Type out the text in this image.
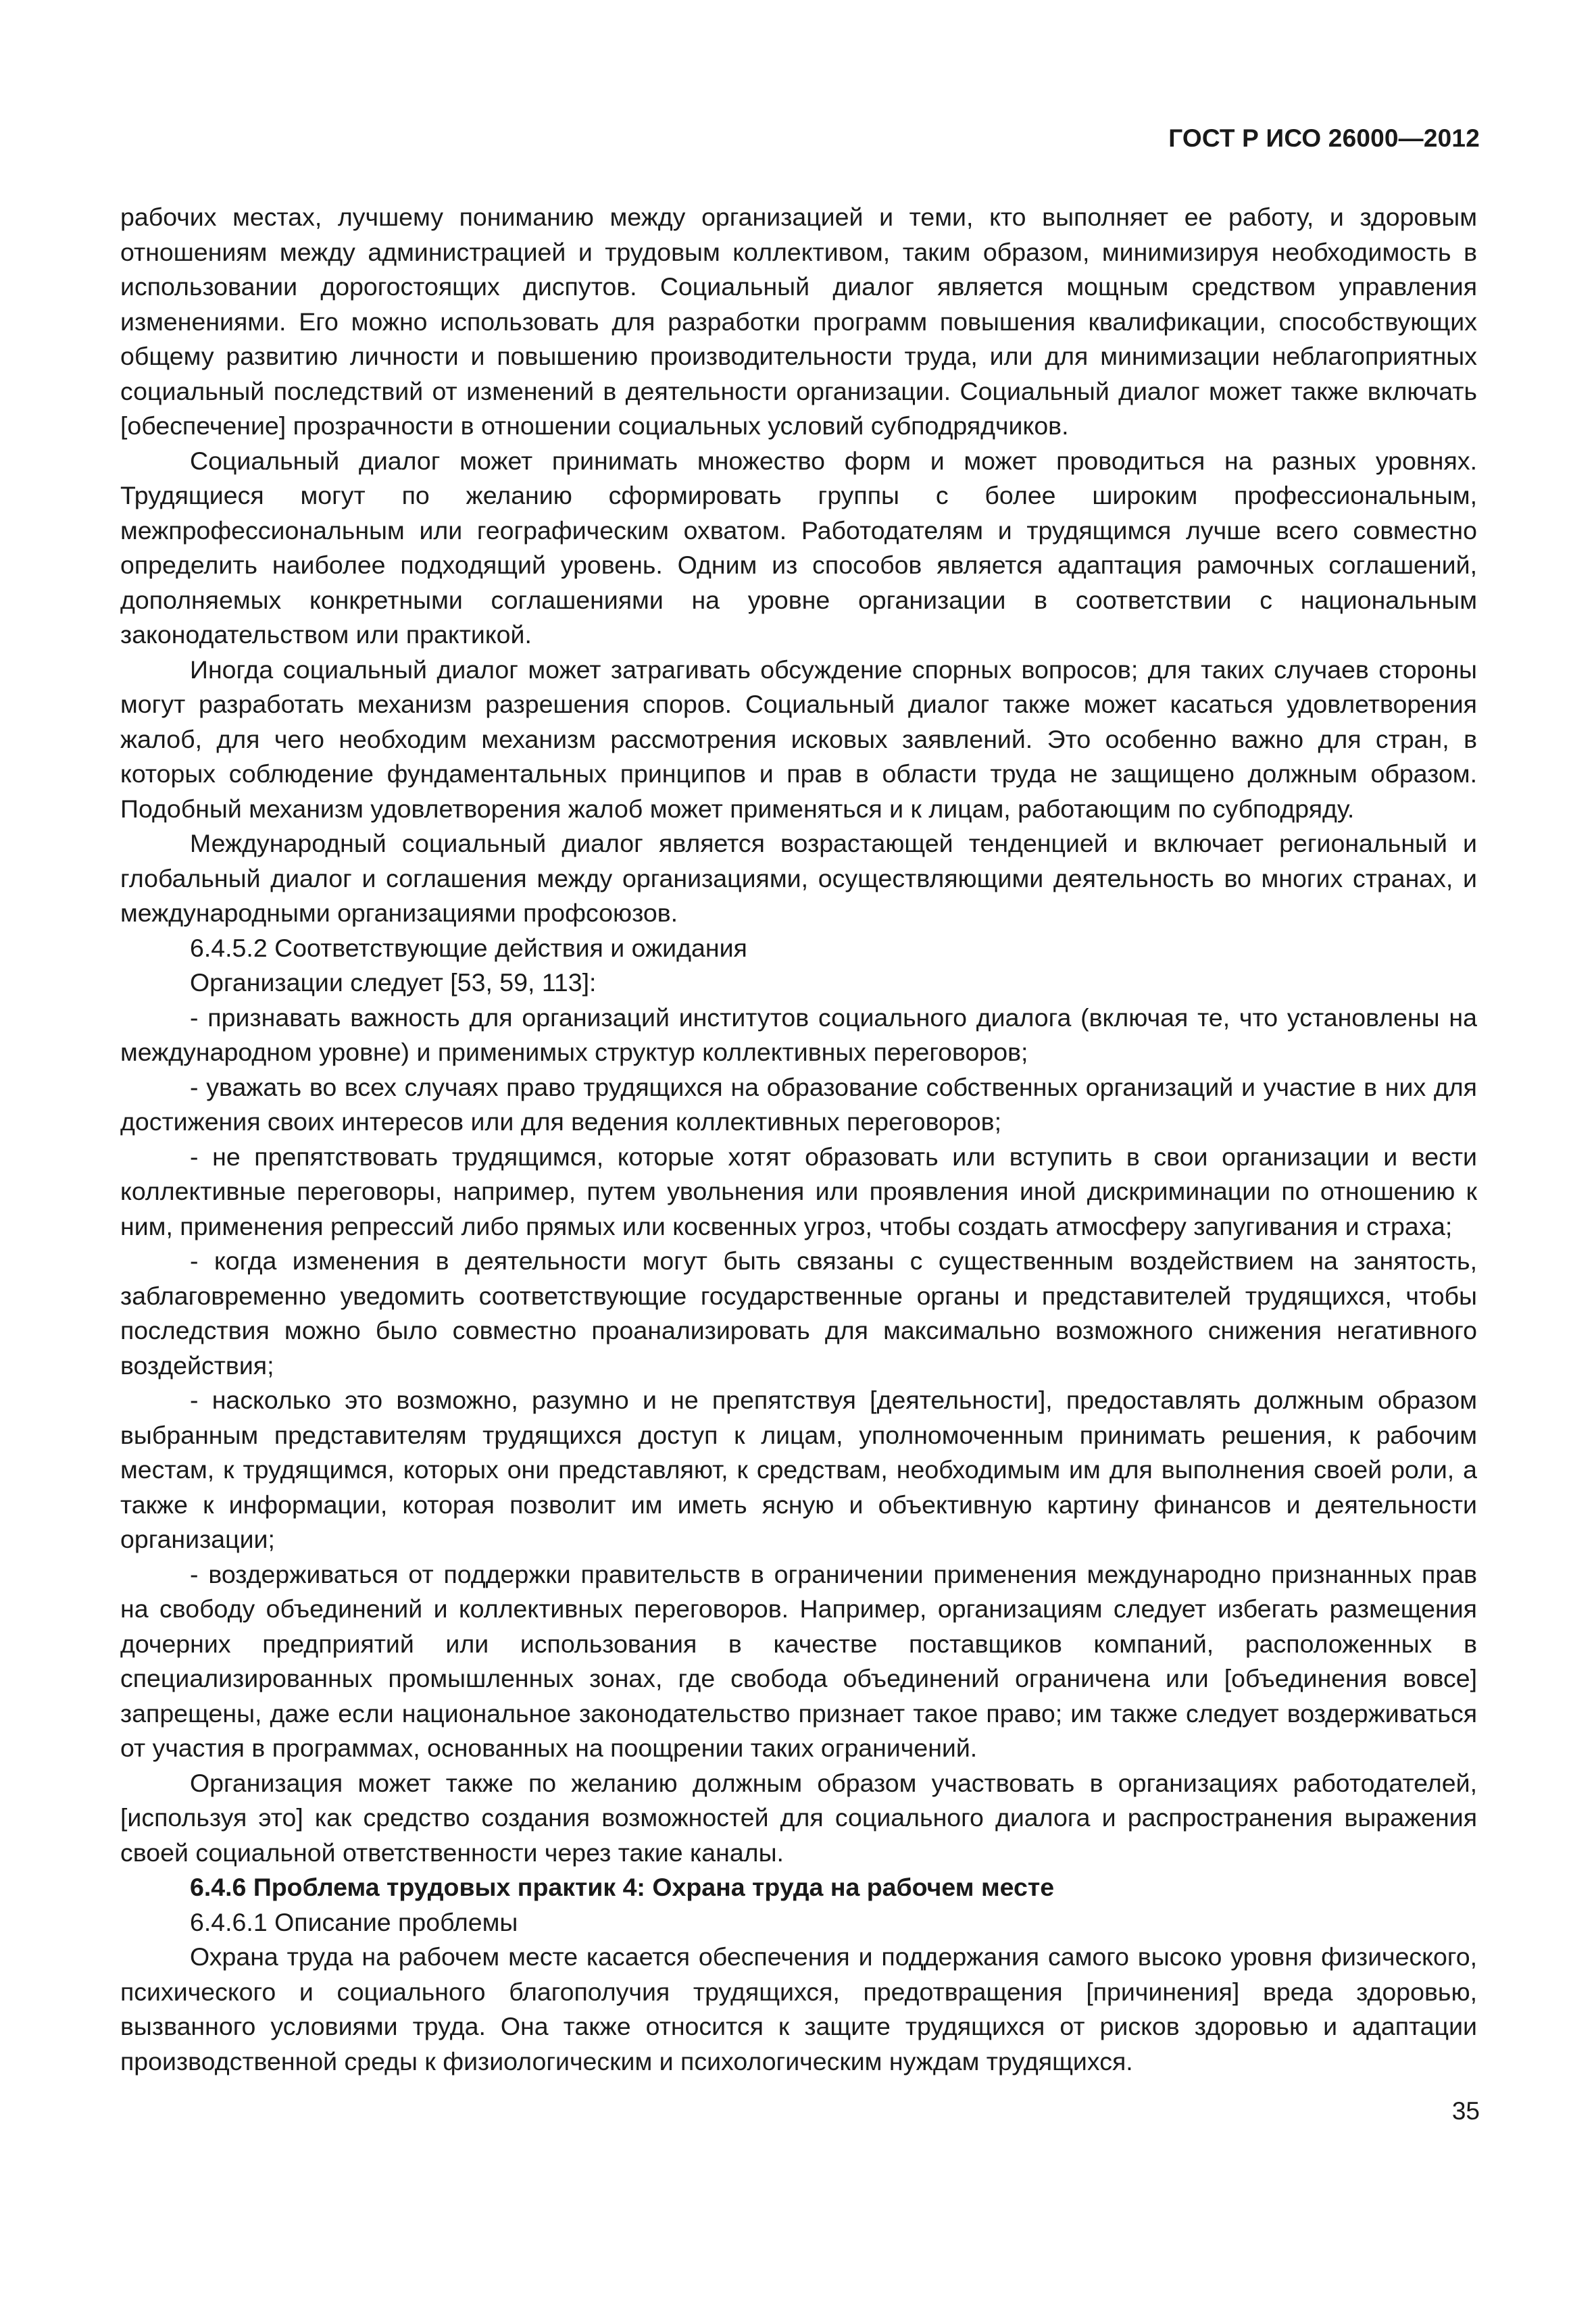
ГОСТ Р ИСО 26000—2012

рабочих местах, лучшему пониманию между организацией и теми, кто выполняет ее работу, и здоровым отношениям между администрацией и трудовым коллективом, таким образом, минимизируя необходимость в использовании дорогостоящих диспутов. Социальный диалог является мощным средством управления изменениями. Его можно использовать для разработки программ повышения квалификации, способствующих общему развитию личности и повышению производительности труда, или для минимизации неблагоприятных социальный последствий от изменений в деятельности организации. Социальный диалог может также включать [обеспечение] прозрачности в отношении социальных условий субподрядчиков.

Социальный диалог может принимать множество форм и может проводиться на разных уровнях. Трудящиеся могут по желанию сформировать группы с более широким профессиональным, межпрофессиональным или географическим охватом. Работодателям и трудящимся лучше всего совместно определить наиболее подходящий уровень. Одним из способов является адаптация рамочных соглашений, дополняемых конкретными соглашениями на уровне организации в соответствии с национальным законодательством или практикой.

Иногда социальный диалог может затрагивать обсуждение спорных вопросов; для таких случаев стороны могут разработать механизм разрешения споров. Социальный диалог также может касаться удовлетворения жалоб, для чего необходим механизм рассмотрения исковых заявлений. Это особенно важно для стран, в которых соблюдение фундаментальных принципов и прав в области труда не защищено должным образом. Подобный механизм удовлетворения жалоб может применяться и к лицам, работающим по субподряду.

Международный социальный диалог является возрастающей тенденцией и включает региональный и глобальный диалог и соглашения между организациями, осуществляющими деятельность во многих странах, и международными организациями профсоюзов.

6.4.5.2 Соответствующие действия и ожидания

Организации следует [53, 59, 113]:

- признавать важность для организаций институтов социального диалога (включая те, что установлены на международном уровне) и применимых структур коллективных переговоров;

- уважать во всех случаях право трудящихся на образование собственных организаций и участие в них для достижения своих интересов или для ведения коллективных переговоров;

- не препятствовать трудящимся, которые хотят образовать или вступить в свои организации и вести коллективные переговоры, например, путем увольнения или проявления иной дискриминации по отношению к ним, применения репрессий либо прямых или косвенных угроз, чтобы создать атмосферу запугивания и страха;

- когда изменения в деятельности могут быть связаны с существенным воздействием на занятость, заблаговременно уведомить соответствующие государственные органы и представителей трудящихся, чтобы последствия можно было совместно проанализировать для максимально возможного снижения негативного воздействия;

- насколько это возможно, разумно и не препятствуя [деятельности], предоставлять должным образом выбранным представителям трудящихся доступ к лицам, уполномоченным принимать решения, к рабочим местам, к трудящимся, которых они представляют, к средствам, необходимым им для выполнения своей роли, а также к информации, которая позволит им иметь ясную и объективную картину финансов и деятельности организации;

- воздерживаться от поддержки правительств в ограничении применения международно признанных прав на свободу объединений и коллективных переговоров. Например, организациям следует избегать размещения дочерних предприятий или использования в качестве поставщиков компаний, расположенных в специализированных промышленных зонах, где свобода объединений ограничена или [объединения вовсе] запрещены, даже если национальное законодательство признает такое право; им также следует воздерживаться от участия в программах, основанных на поощрении таких ограничений.

Организация может также по желанию должным образом участвовать в организациях работодателей, [используя это] как средство создания возможностей для социального диалога и распространения выражения своей социальной ответственности через такие каналы.

6.4.6 Проблема трудовых практик 4: Охрана труда на рабочем месте

6.4.6.1 Описание проблемы

Охрана труда на рабочем месте касается обеспечения и поддержания самого высоко уровня физического, психического и социального благополучия трудящихся, предотвращения [причинения] вреда здоровью, вызванного условиями труда. Она также относится к защите трудящихся от рисков здоровью и адаптации производственной среды к физиологическим и психологическим нуждам трудящихся.

35
